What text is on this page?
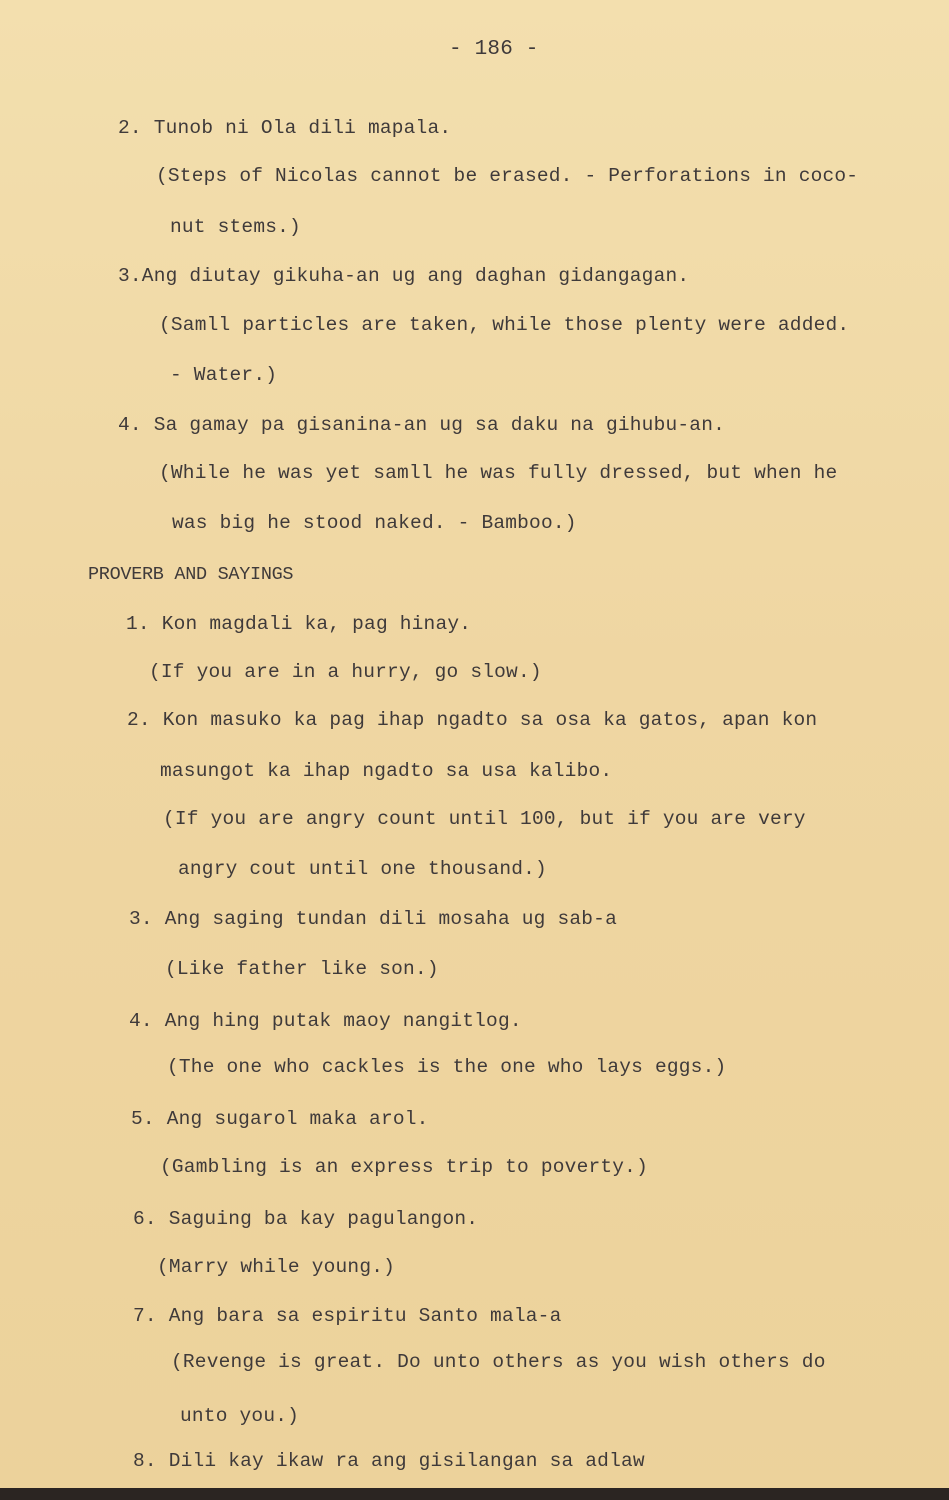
- 186 -
2. Tunob ni Ola dili mapala.
(Steps of Nicolas cannot be erased. - Perforations in coco-
nut stems.)
3.Ang diutay gikuha-an ug ang daghan gidangagan.
(Samll particles are taken, while those plenty were added.
- Water.)
4. Sa gamay pa gisanina-an ug sa daku na gihubu-an.
(While he was yet samll he was fully dressed, but when he
was big he stood naked. - Bamboo.)
PROVERB AND SAYINGS
1. Kon magdali ka, pag hinay.
(If you are in a hurry, go slow.)
2. Kon masuko ka pag ihap ngadto sa osa ka gatos, apan kon
masungot ka ihap ngadto sa usa kalibo.
(If you are angry count until 100, but if you are very
angry cout until one thousand.)
3. Ang saging tundan dili mosaha ug sab-a
(Like father like son.)
4. Ang hing putak maoy nangitlog.
(The one who cackles is the one who lays eggs.)
5. Ang sugarol maka arol.
(Gambling is an express trip to poverty.)
6. Saguing ba kay pagulangon.
(Marry while young.)
7. Ang bara sa espiritu Santo mala-a
(Revenge is great. Do unto others as you wish others do
unto you.)
8. Dili kay ikaw ra ang gisilangan sa adlaw
